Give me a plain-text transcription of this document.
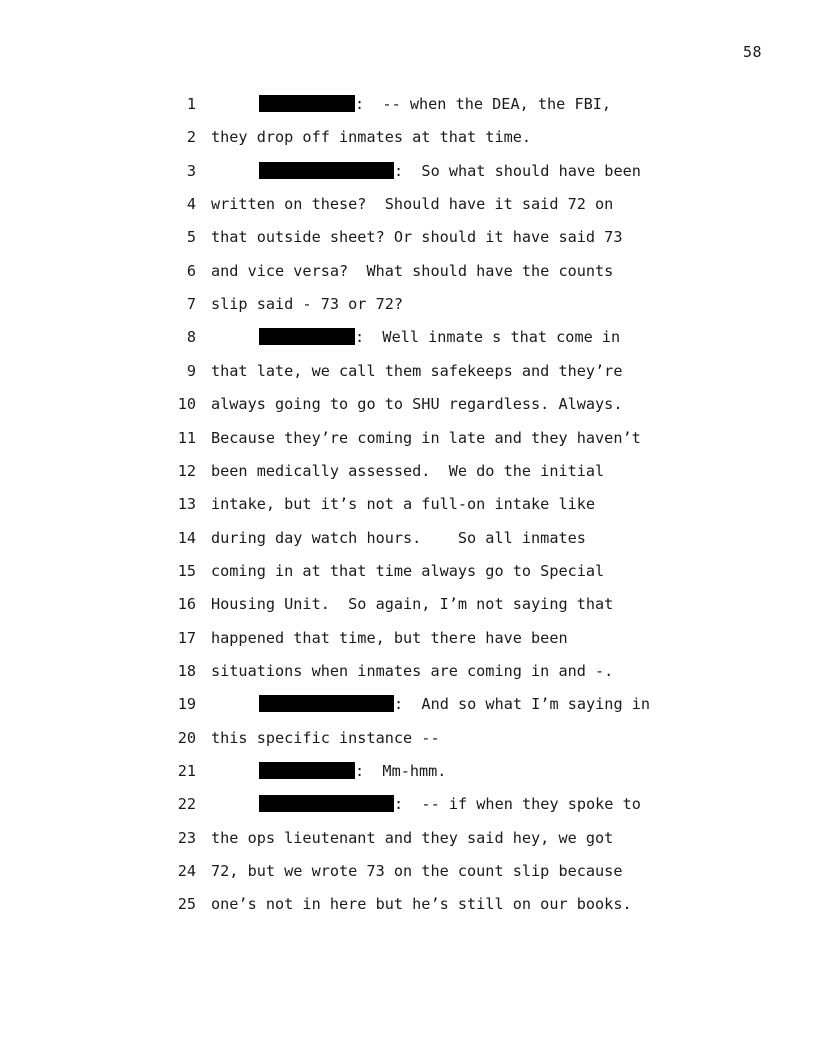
58
1	:  -- when the DEA, the FBI,
2 they drop off inmates at that time.
3	:  So what should have been
4 written on these?  Should have it said 72 on
5 that outside sheet? Or should it have said 73
6 and vice versa?  What should have the counts
7 slip said - 73 or 72?
8	:  Well inmate s that come in
9 that late, we call them safekeeps and they’re
10 always going to go to SHU regardless. Always.
11 Because they’re coming in late and they haven’t
12 been medically assessed.  We do the initial
13 intake, but it’s not a full-on intake like
14 during day watch hours.    So all inmates
15 coming in at that time always go to Special
16 Housing Unit.  So again, I’m not saying that
17 happened that time, but there have been
18 situations when inmates are coming in and -.
19	:  And so what I’m saying in
20 this specific instance --
21	:  Mm-hmm.
22	:  -- if when they spoke to
23 the ops lieutenant and they said hey, we got
24 72, but we wrote 73 on the count slip because
25 one’s not in here but he’s still on our books.
